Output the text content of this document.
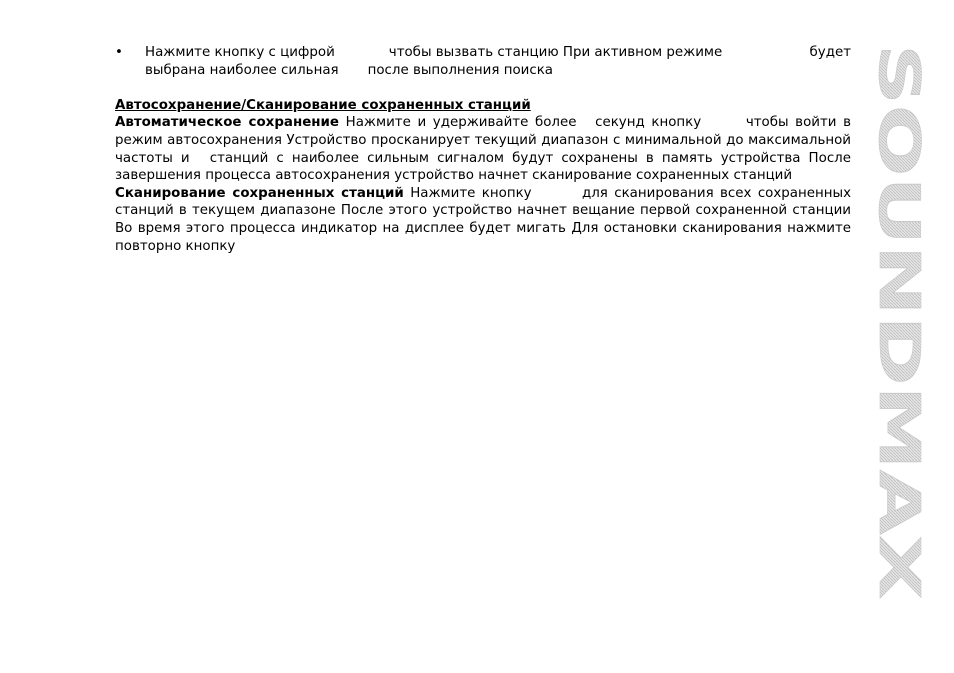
• Нажмите кнопку с цифрой	чтобы вызвать станцию При активном режиме	будет
выбрана наиболее сильная после выполнения поиска
Автосохранение/Сканирование сохраненных станций
Автоматическое сохранение Нажмите и удерживайте более секунд кнопку	чтобы войти в режим автосохранения Устройство просканирует текущий диапазон с минимальной до максимальной частоты и станций с наиболее сильным сигналом будут сохранены в память устройства После завершения процесса автосохранения устройство начнет сканирование сохраненных станций
Сканирование сохраненных станций Нажмите кнопку	для сканирования всех сохраненных станций в текущем диапазоне После этого устройство начнет вещание первой сохраненной станции Во время этого процесса индикатор на дисплее будет мигать Для остановки сканирования нажмите повторно кнопку	SOUNDMAX
